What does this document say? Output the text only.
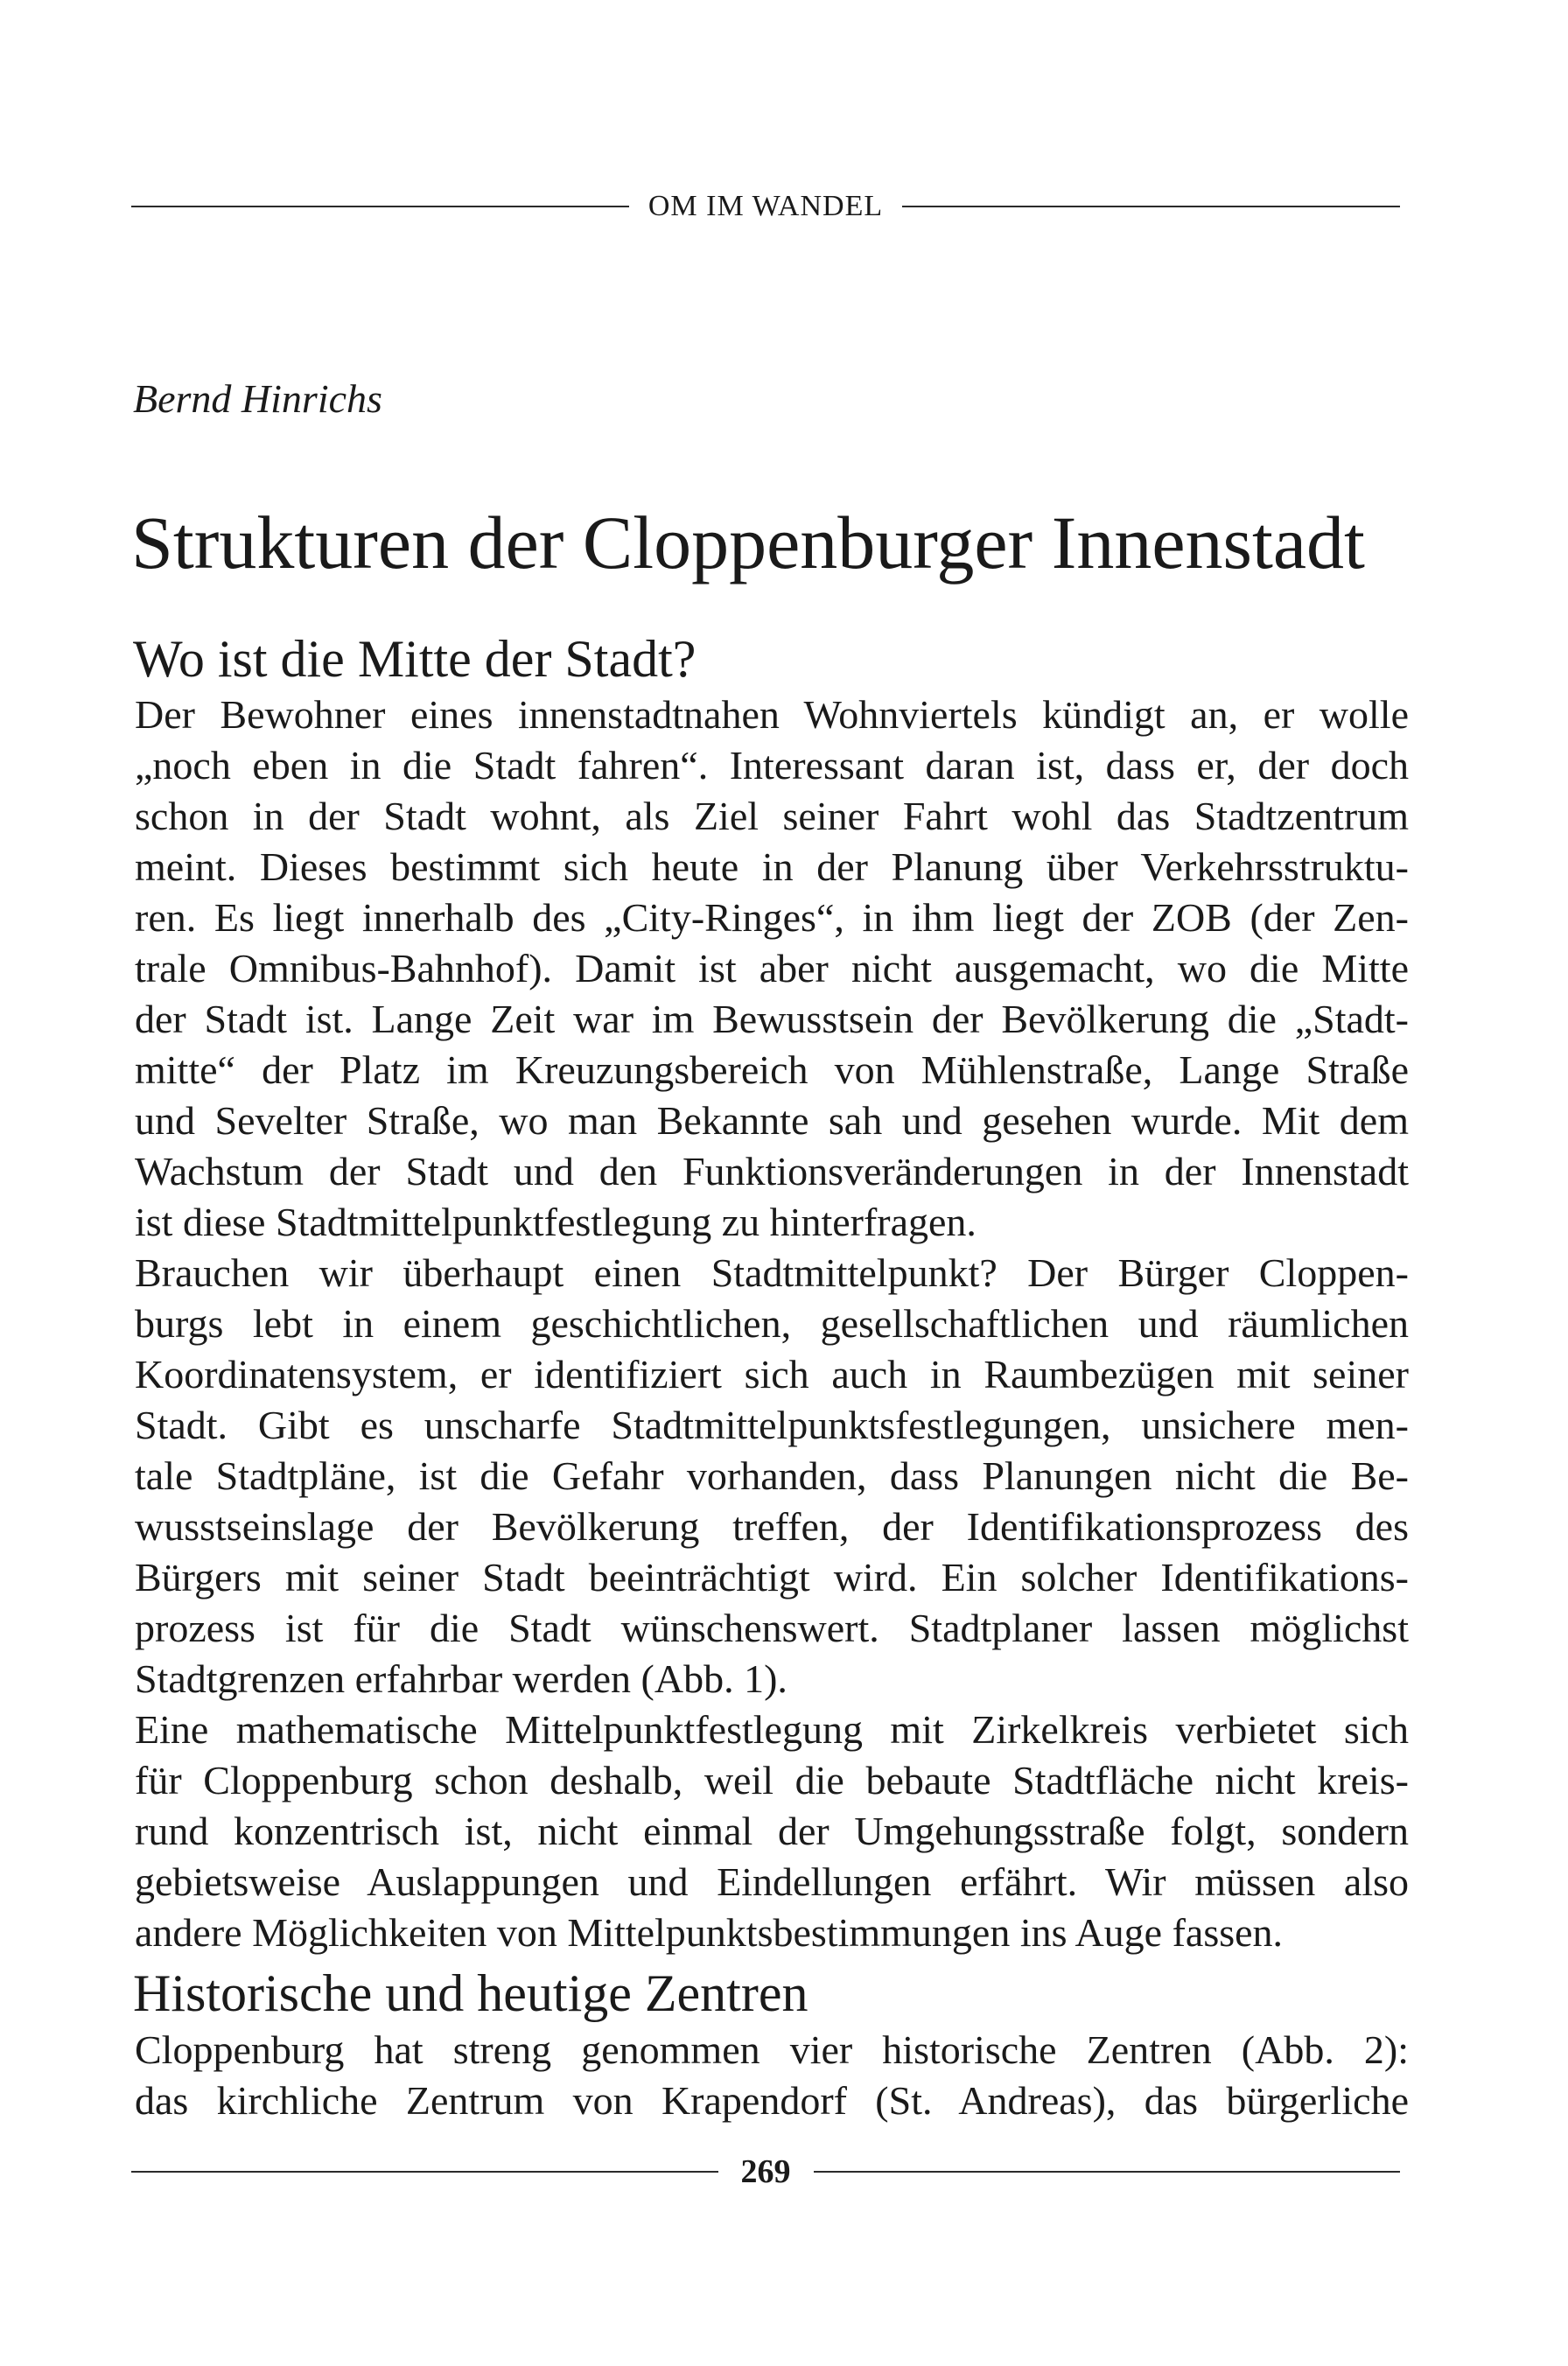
OM IM WANDEL
Bernd Hinrichs
Strukturen der Cloppenburger Innenstadt
Wo ist die Mitte der Stadt?
Der Bewohner eines innenstadtnahen Wohnviertels kündigt an, er wolle
„noch eben in die Stadt fahren“. Interessant daran ist, dass er, der doch
schon in der Stadt wohnt, als Ziel seiner Fahrt wohl das Stadtzentrum
meint. Dieses bestimmt sich heute in der Planung über Verkehrsstruktu-
ren. Es liegt innerhalb des „City-Ringes“, in ihm liegt der ZOB (der Zen-
trale Omnibus-Bahnhof). Damit ist aber nicht ausgemacht, wo die Mitte
der Stadt ist. Lange Zeit war im Bewusstsein der Bevölkerung die „Stadt-
mitte“ der Platz im Kreuzungsbereich von Mühlenstraße, Lange Straße
und Sevelter Straße, wo man Bekannte sah und gesehen wurde. Mit dem
Wachstum der Stadt und den Funktionsveränderungen in der Innenstadt
ist diese Stadtmittelpunktfestlegung zu hinterfragen.
Brauchen wir überhaupt einen Stadtmittelpunkt? Der Bürger Cloppen-
burgs lebt in einem geschichtlichen, gesellschaftlichen und räumlichen
Koordinatensystem, er identifiziert sich auch in Raumbezügen mit seiner
Stadt. Gibt es unscharfe Stadtmittelpunktsfestlegungen, unsichere men-
tale Stadtpläne, ist die Gefahr vorhanden, dass Planungen nicht die Be-
wusstseinslage der Bevölkerung treffen, der Identifikationsprozess des
Bürgers mit seiner Stadt beeinträchtigt wird. Ein solcher Identifikations-
prozess ist für die Stadt wünschenswert. Stadtplaner lassen möglichst
Stadtgrenzen erfahrbar werden (Abb. 1).
Eine mathematische Mittelpunktfestlegung mit Zirkelkreis verbietet sich
für Cloppenburg schon deshalb, weil die bebaute Stadtfläche nicht kreis-
rund konzentrisch ist, nicht einmal der Umgehungsstraße folgt, sondern
gebietsweise Auslappungen und Eindellungen erfährt. Wir müssen also
andere Möglichkeiten von Mittelpunktsbestimmungen ins Auge fassen.
Historische und heutige Zentren
Cloppenburg hat streng genommen vier historische Zentren (Abb. 2):
das kirchliche Zentrum von Krapendorf (St. Andreas), das bürgerliche
269
